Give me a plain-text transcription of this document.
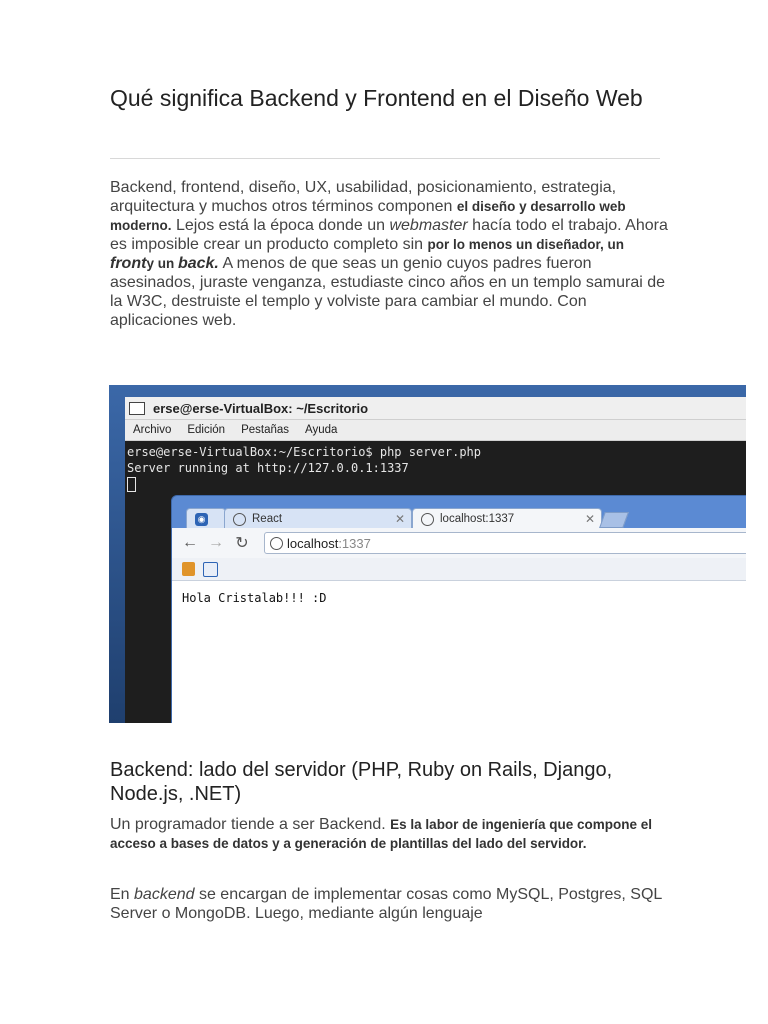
Qué significa Backend y Frontend en el Diseño Web

Backend, frontend, diseño, UX, usabilidad, posicionamiento, estrategia, arquitectura y muchos otros términos componen el diseño y desarrollo web moderno. Lejos está la época donde un webmaster hacía todo el trabajo. Ahora es imposible crear un producto completo sin por lo menos un diseñador, un fronty un back. A menos de que seas un genio cuyos padres fueron asesinados, juraste venganza, estudiaste cinco años en un templo samurai de la W3C, destruiste el templo y volviste para cambiar el mundo. Con aplicaciones web.

erse@erse-VirtualBox: ~/Escritorio
Archivo Edición Pestañas Ayuda
erse@erse-VirtualBox:~/Escritorio$ php server.php
Server running at http://127.0.0.1:1337
◉	React	✕	localhost:1337	✕
← → ↻	localhost :1337
Hola Cristalab!!! :D
Backend: lado del servidor (PHP, Ruby on Rails, Django, Node.js, .NET)

Un programador tiende a ser Backend. Es la labor de ingeniería que compone el acceso a bases de datos y a generación de plantillas del lado del servidor.

En backend se encargan de implementar cosas como MySQL, Postgres, SQL Server o MongoDB. Luego, mediante algún lenguaje
